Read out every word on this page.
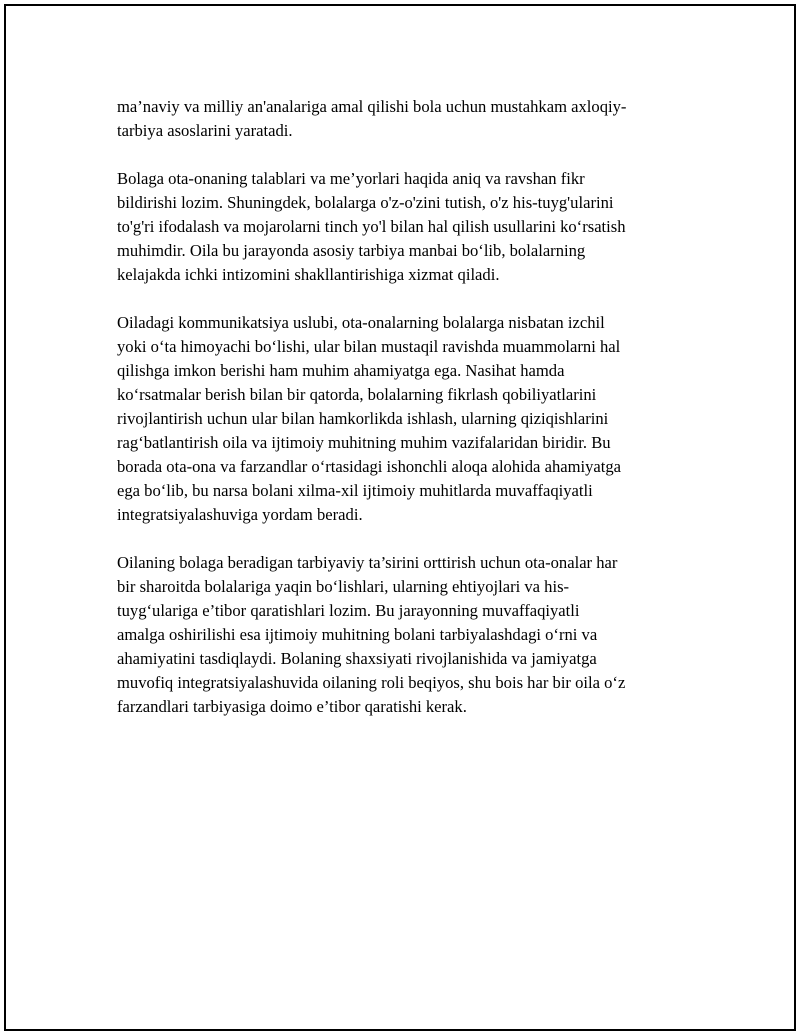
ma’naviy va milliy an'analariga amal qilishi bola uchun mustahkam axloqiy-
tarbiya asoslarini yaratadi.

Bolaga ota-onaning talablari va me’yorlari haqida aniq va ravshan fikr
bildirishi lozim. Shuningdek, bolalarga o'z-o'zini tutish, o'z his-tuyg'ularini
to'g'ri ifodalash va mojarolarni tinch yo'l bilan hal qilish usullarini ko‘rsatish
muhimdir. Oila bu jarayonda asosiy tarbiya manbai bo‘lib, bolalarning
kelajakda ichki intizomini shakllantirishiga xizmat qiladi.

Oiladagi kommunikatsiya uslubi, ota-onalarning bolalarga nisbatan izchil
yoki o‘ta himoyachi bo‘lishi, ular bilan mustaqil ravishda muammolarni hal
qilishga imkon berishi ham muhim ahamiyatga ega. Nasihat hamda
ko‘rsatmalar berish bilan bir qatorda, bolalarning fikrlash qobiliyatlarini
rivojlantirish uchun ular bilan hamkorlikda ishlash, ularning qiziqishlarini
rag‘batlantirish oila va ijtimoiy muhitning muhim vazifalaridan biridir. Bu
borada ota-ona va farzandlar o‘rtasidagi ishonchli aloqa alohida ahamiyatga
ega bo‘lib, bu narsa bolani xilma-xil ijtimoiy muhitlarda muvaffaqiyatli
integratsiyalashuviga yordam beradi.

Oilaning bolaga beradigan tarbiyaviy ta’sirini orttirish uchun ota-onalar har
bir sharoitda bolalariga yaqin bo‘lishlari, ularning ehtiyojlari va his-
tuyg‘ulariga e’tibor qaratishlari lozim. Bu jarayonning muvaffaqiyatli
amalga oshirilishi esa ijtimoiy muhitning bolani tarbiyalashdagi o‘rni va
ahamiyatini tasdiqlaydi. Bolaning shaxsiyati rivojlanishida va jamiyatga
muvofiq integratsiyalashuvida oilaning roli beqiyos, shu bois har bir oila o‘z
farzandlari tarbiyasiga doimo e’tibor qaratishi kerak.
